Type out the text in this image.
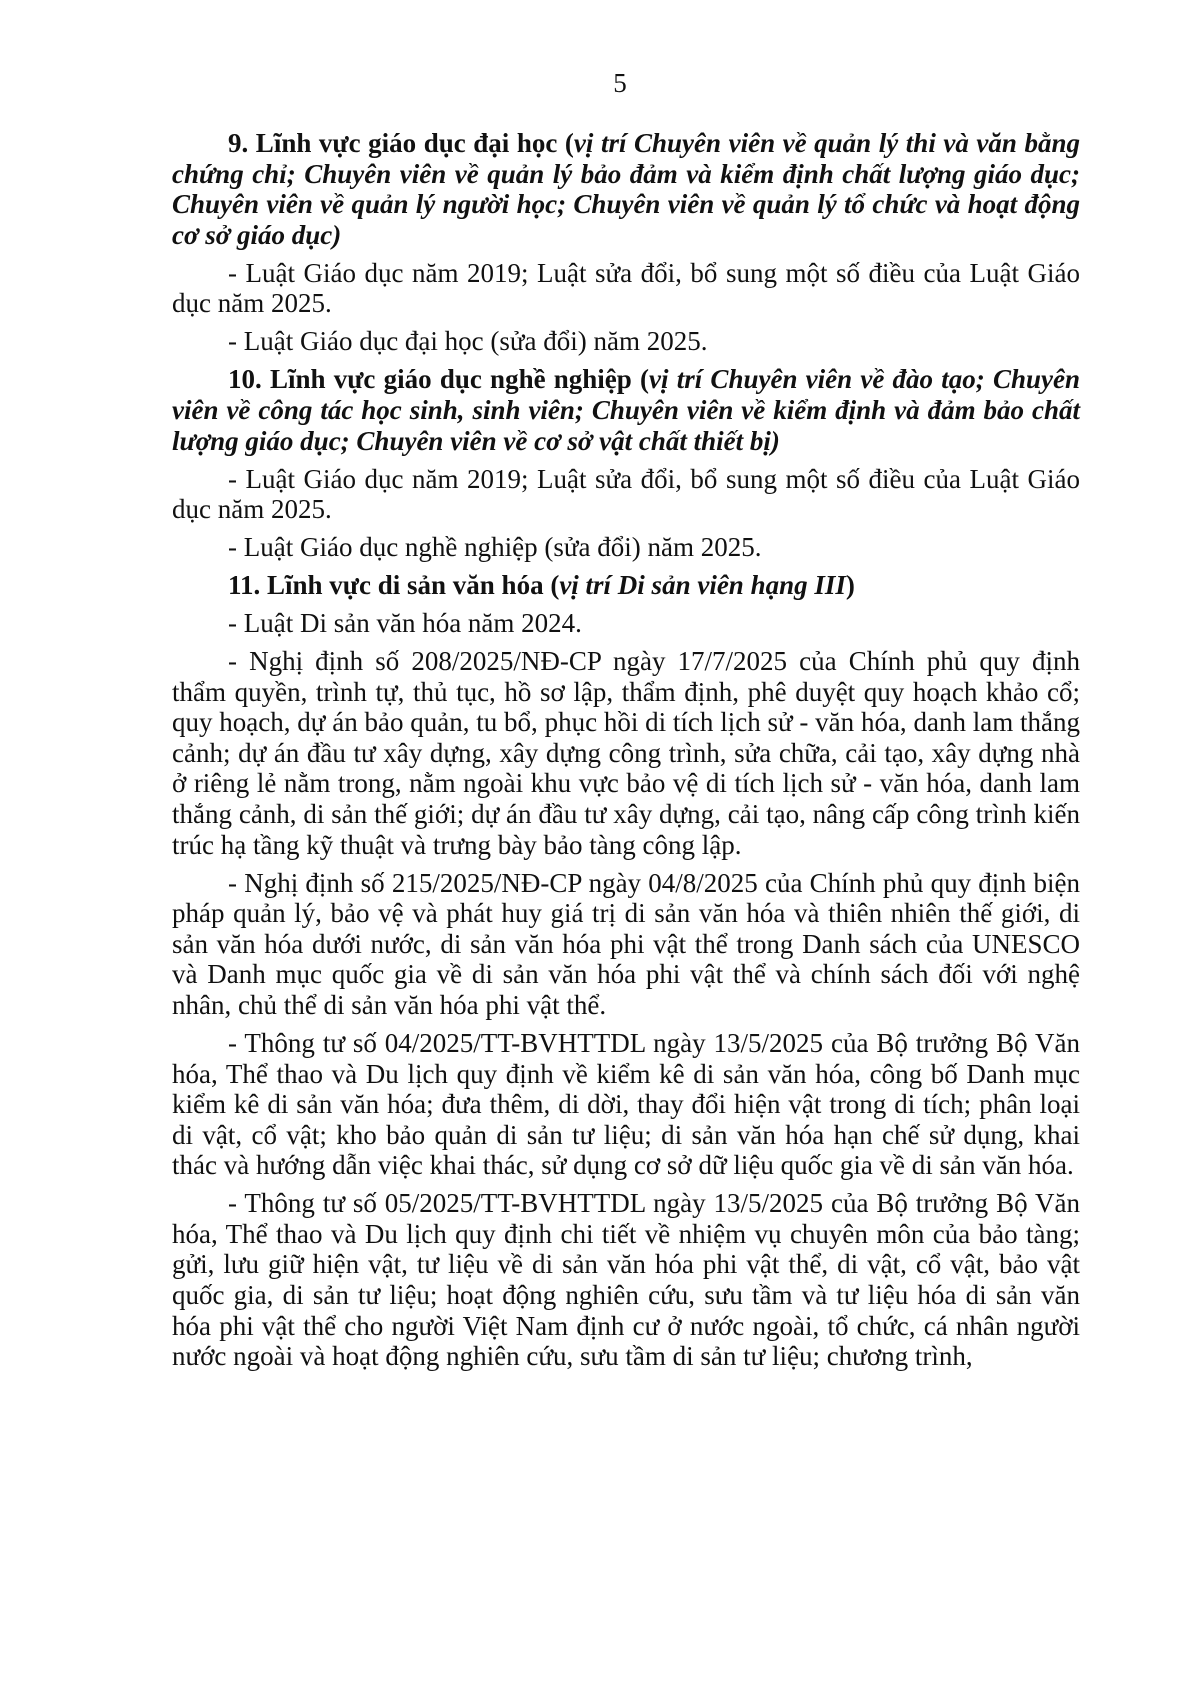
5

9. Lĩnh vực giáo dục đại học (vị trí Chuyên viên về quản lý thi và văn bằng chứng chỉ; Chuyên viên về quản lý bảo đảm và kiểm định chất lượng giáo dục; Chuyên viên về quản lý người học; Chuyên viên về quản lý tổ chức và hoạt động cơ sở giáo dục)

- Luật Giáo dục năm 2019; Luật sửa đổi, bổ sung một số điều của Luật Giáo dục năm 2025.

- Luật Giáo dục đại học (sửa đổi) năm 2025.

10. Lĩnh vực giáo dục nghề nghiệp (vị trí Chuyên viên về đào tạo; Chuyên viên về công tác học sinh, sinh viên; Chuyên viên về kiểm định và đảm bảo chất lượng giáo dục; Chuyên viên về cơ sở vật chất thiết bị)

- Luật Giáo dục năm 2019; Luật sửa đổi, bổ sung một số điều của Luật Giáo dục năm 2025.

- Luật Giáo dục nghề nghiệp (sửa đổi) năm 2025.

11. Lĩnh vực di sản văn hóa (vị trí Di sản viên hạng III)

- Luật Di sản văn hóa năm 2024.

- Nghị định số 208/2025/NĐ-CP ngày 17/7/2025 của Chính phủ quy định thẩm quyền, trình tự, thủ tục, hồ sơ lập, thẩm định, phê duyệt quy hoạch khảo cổ; quy hoạch, dự án bảo quản, tu bổ, phục hồi di tích lịch sử - văn hóa, danh lam thắng cảnh; dự án đầu tư xây dựng, xây dựng công trình, sửa chữa, cải tạo, xây dựng nhà ở riêng lẻ nằm trong, nằm ngoài khu vực bảo vệ di tích lịch sử - văn hóa, danh lam thắng cảnh, di sản thế giới; dự án đầu tư xây dựng, cải tạo, nâng cấp công trình kiến trúc hạ tầng kỹ thuật và trưng bày bảo tàng công lập.

- Nghị định số 215/2025/NĐ-CP ngày 04/8/2025 của Chính phủ quy định biện pháp quản lý, bảo vệ và phát huy giá trị di sản văn hóa và thiên nhiên thế giới, di sản văn hóa dưới nước, di sản văn hóa phi vật thể trong Danh sách của UNESCO và Danh mục quốc gia về di sản văn hóa phi vật thể và chính sách đối với nghệ nhân, chủ thể di sản văn hóa phi vật thể.

- Thông tư số 04/2025/TT-BVHTTDL ngày 13/5/2025 của Bộ trưởng Bộ Văn hóa, Thể thao và Du lịch quy định về kiểm kê di sản văn hóa, công bố Danh mục kiểm kê di sản văn hóa; đưa thêm, di dời, thay đổi hiện vật trong di tích; phân loại di vật, cổ vật; kho bảo quản di sản tư liệu; di sản văn hóa hạn chế sử dụng, khai thác và hướng dẫn việc khai thác, sử dụng cơ sở dữ liệu quốc gia về di sản văn hóa.

- Thông tư số 05/2025/TT-BVHTTDL ngày 13/5/2025 của Bộ trưởng Bộ Văn hóa, Thể thao và Du lịch quy định chi tiết về nhiệm vụ chuyên môn của bảo tàng; gửi, lưu giữ hiện vật, tư liệu về di sản văn hóa phi vật thể, di vật, cổ vật, bảo vật quốc gia, di sản tư liệu; hoạt động nghiên cứu, sưu tầm và tư liệu hóa di sản văn hóa phi vật thể cho người Việt Nam định cư ở nước ngoài, tổ chức, cá nhân người nước ngoài và hoạt động nghiên cứu, sưu tầm di sản tư liệu; chương trình,
